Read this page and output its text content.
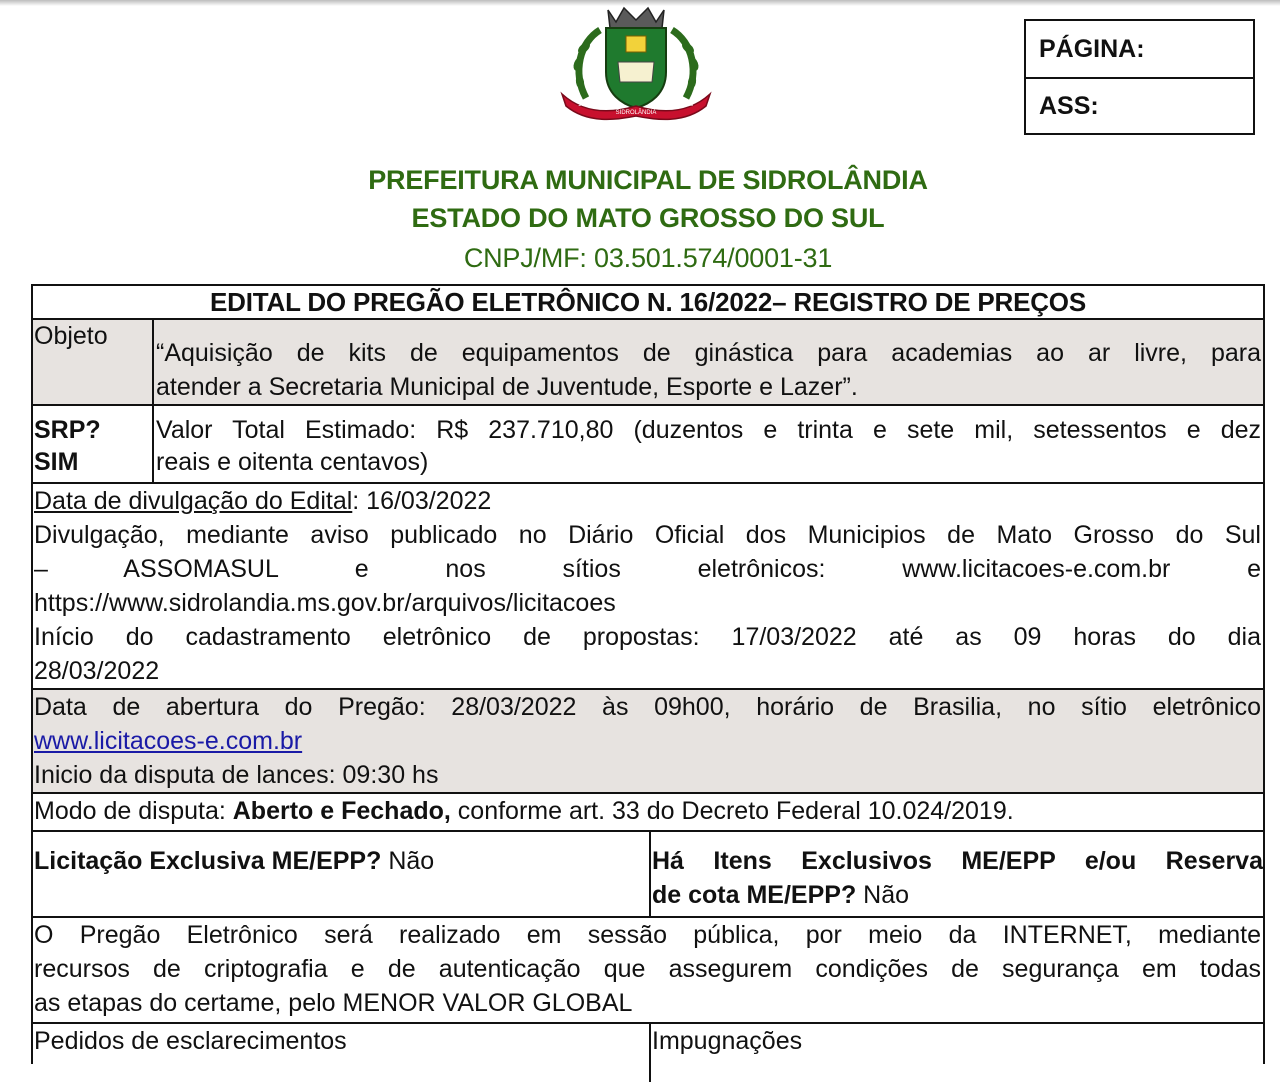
1942
SIDROLÂNDIA
1953
PÁGINA:
ASS:
PREFEITURA MUNICIPAL DE SIDROLÂNDIA
ESTADO DO MATO GROSSO DO SUL
CNPJ/MF: 03.501.574/0001-31
EDITAL DO PREGÃO ELETRÔNICO N. 16/2022– REGISTRO DE PREÇOS
Objeto
“Aquisição de kits de equipamentos de ginástica para academias ao ar livre, para
atender a Secretaria Municipal de Juventude, Esporte e Lazer”.
SRP?
SIM
Valor Total Estimado: R$ 237.710,80 (duzentos e trinta e sete mil, setessentos e dez
reais e oitenta centavos)
Data de divulgação do Edital: 16/03/2022
Divulgação, mediante aviso publicado no Diário Oficial dos Municipios de Mato Grosso do Sul
– ASSOMASUL e nos sítios eletrônicos: www.licitacoes-e.com.br e
https://www.sidrolandia.ms.gov.br/arquivos/licitacoes
Início do cadastramento eletrônico de propostas: 17/03/2022 até as 09 horas do dia
28/03/2022
Data de abertura do Pregão: 28/03/2022 às 09h00, horário de Brasilia, no sítio eletrônico
www.licitacoes-e.com.br
Inicio da disputa de lances: 09:30 hs
Modo de disputa: Aberto e Fechado, conforme art. 33 do Decreto Federal 10.024/2019.
Licitação Exclusiva ME/EPP? Não	Há Itens Exclusivos ME/EPP e/ou Reserva
de cota ME/EPP? Não
O Pregão Eletrônico será realizado em sessão pública, por meio da INTERNET, mediante
recursos de criptografia e de autenticação que assegurem condições de segurança em todas
as etapas do certame, pelo MENOR VALOR GLOBAL
Pedidos de esclarecimentos	Impugnações
